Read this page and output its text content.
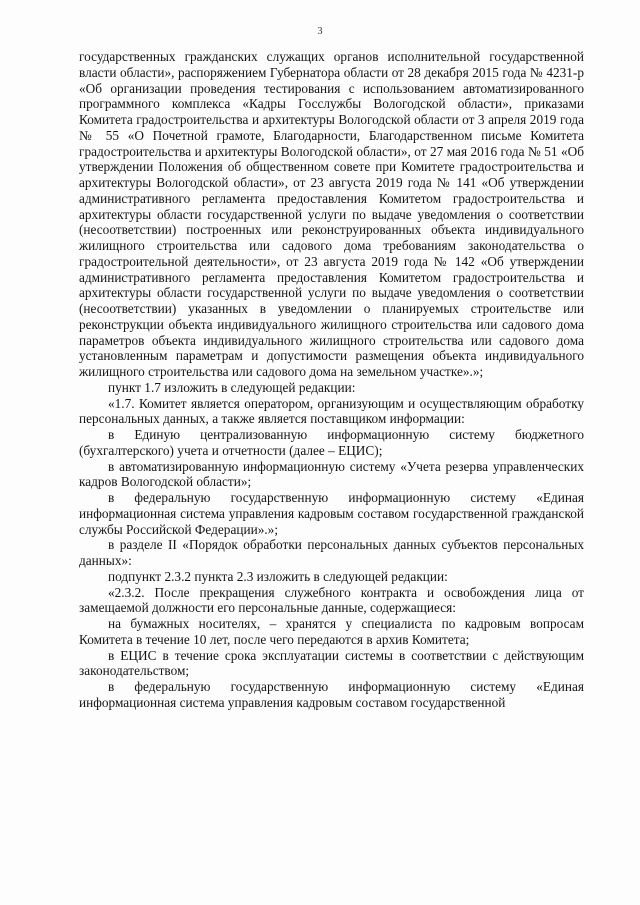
3

государственных гражданских служащих органов исполнительной государственной власти области», распоряжением Губернатора области от 28 декабря 2015 года № 4231-р «Об организации проведения тестирования с использованием автоматизированного программного комплекса «Кадры Госслужбы Вологодской области», приказами Комитета градостроительства и архитектуры Вологодской области от 3 апреля 2019 года № 55 «О Почетной грамоте, Благодарности, Благодарственном письме Комитета градостроительства и архитектуры Вологодской области», от 27 мая 2016 года № 51 «Об утверждении Положения об общественном совете при Комитете градостроительства и архитектуры Вологодской области», от 23 августа 2019 года № 141 «Об утверждении административного регламента предоставления Комитетом градостроительства и архитектуры области государственной услуги по выдаче уведомления о соответствии (несоответствии) построенных или реконструированных объекта индивидуального жилищного строительства или садового дома требованиям законодательства о градостроительной деятельности», от 23 августа 2019 года № 142 «Об утверждении административного регламента предоставления Комитетом градостроительства и архитектуры области государственной услуги по выдаче уведомления о соответствии (несоответствии) указанных в уведомлении о планируемых строительстве или реконструкции объекта индивидуального жилищного строительства или садового дома параметров объекта индивидуального жилищного строительства или садового дома установленным параметрам и допустимости размещения объекта индивидуального жилищного строительства или садового дома на земельном участке».»;

пункт 1.7 изложить в следующей редакции:

«1.7. Комитет является оператором, организующим и осуществляющим обработку персональных данных, а также является поставщиком информации:

в Единую централизованную информационную систему бюджетного (бухгалтерского) учета и отчетности (далее – ЕЦИС);

в автоматизированную информационную систему «Учета резерва управленческих кадров Вологодской области»;

в федеральную государственную информационную систему «Единая информационная система управления кадровым составом государственной гражданской службы Российской Федерации».»;

в разделе II «Порядок обработки персональных данных субъектов персональных данных»:

подпункт 2.3.2 пункта 2.3 изложить в следующей редакции:

«2.3.2. После прекращения служебного контракта и освобождения лица от замещаемой должности его персональные данные, содержащиеся:

на бумажных носителях, – хранятся у специалиста по кадровым вопросам Комитета в течение 10 лет, после чего передаются в архив Комитета;

в ЕЦИС в течение срока эксплуатации системы в соответствии с действующим законодательством;

в федеральную государственную информационную систему «Единая информационная система управления кадровым составом государственной
